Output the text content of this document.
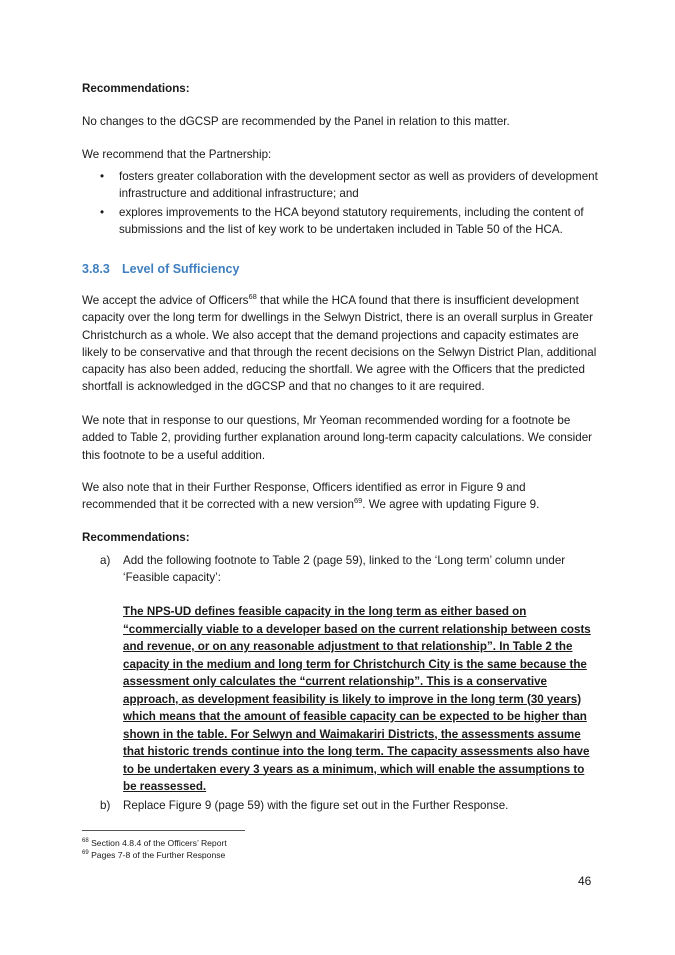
Recommendations:

No changes to the dGCSP are recommended by the Panel in relation to this matter.

We recommend that the Partnership:

• fosters greater collaboration with the development sector as well as providers of development infrastructure and additional infrastructure; and
• explores improvements to the HCA beyond statutory requirements, including the content of submissions and the list of key work to be undertaken included in Table 50 of the HCA.

3.8.3 Level of Sufficiency

We accept the advice of Officers$^{68}$ that while the HCA found that there is insufficient development capacity over the long term for dwellings in the Selwyn District, there is an overall surplus in Greater Christchurch as a whole. We also accept that the demand projections and capacity estimates are likely to be conservative and that through the recent decisions on the Selwyn District Plan, additional capacity has also been added, reducing the shortfall. We agree with the Officers that the predicted shortfall is acknowledged in the dGCSP and that no changes to it are required.

We note that in response to our questions, Mr Yeoman recommended wording for a footnote be added to Table 2, providing further explanation around long-term capacity calculations. We consider this footnote to be a useful addition.

We also note that in their Further Response, Officers identified as error in Figure 9 and recommended that it be corrected with a new version$^{69}$. We agree with updating Figure 9.

Recommendations:

a) Add the following footnote to Table 2 (page 59), linked to the ‘Long term’ column under ‘Feasible capacity’:
The NPS-UD defines feasible capacity in the long term as either based on “commercially viable to a developer based on the current relationship between costs and revenue, or on any reasonable adjustment to that relationship”. In Table 2 the capacity in the medium and long term for Christchurch City is the same because the assessment only calculates the “current relationship”. This is a conservative approach, as development feasibility is likely to improve in the long term (30 years) which means that the amount of feasible capacity can be expected to be higher than shown in the table. For Selwyn and Waimakariri Districts, the assessments assume that historic trends continue into the long term. The capacity assessments also have to be undertaken every 3 years as a minimum, which will enable the assumptions to be reassessed.
b) Replace Figure 9 (page 59) with the figure set out in the Further Response.
$^{68}$ Section 4.8.4 of the Officers’ Report
$^{69}$ Pages 7-8 of the Further Response
46
